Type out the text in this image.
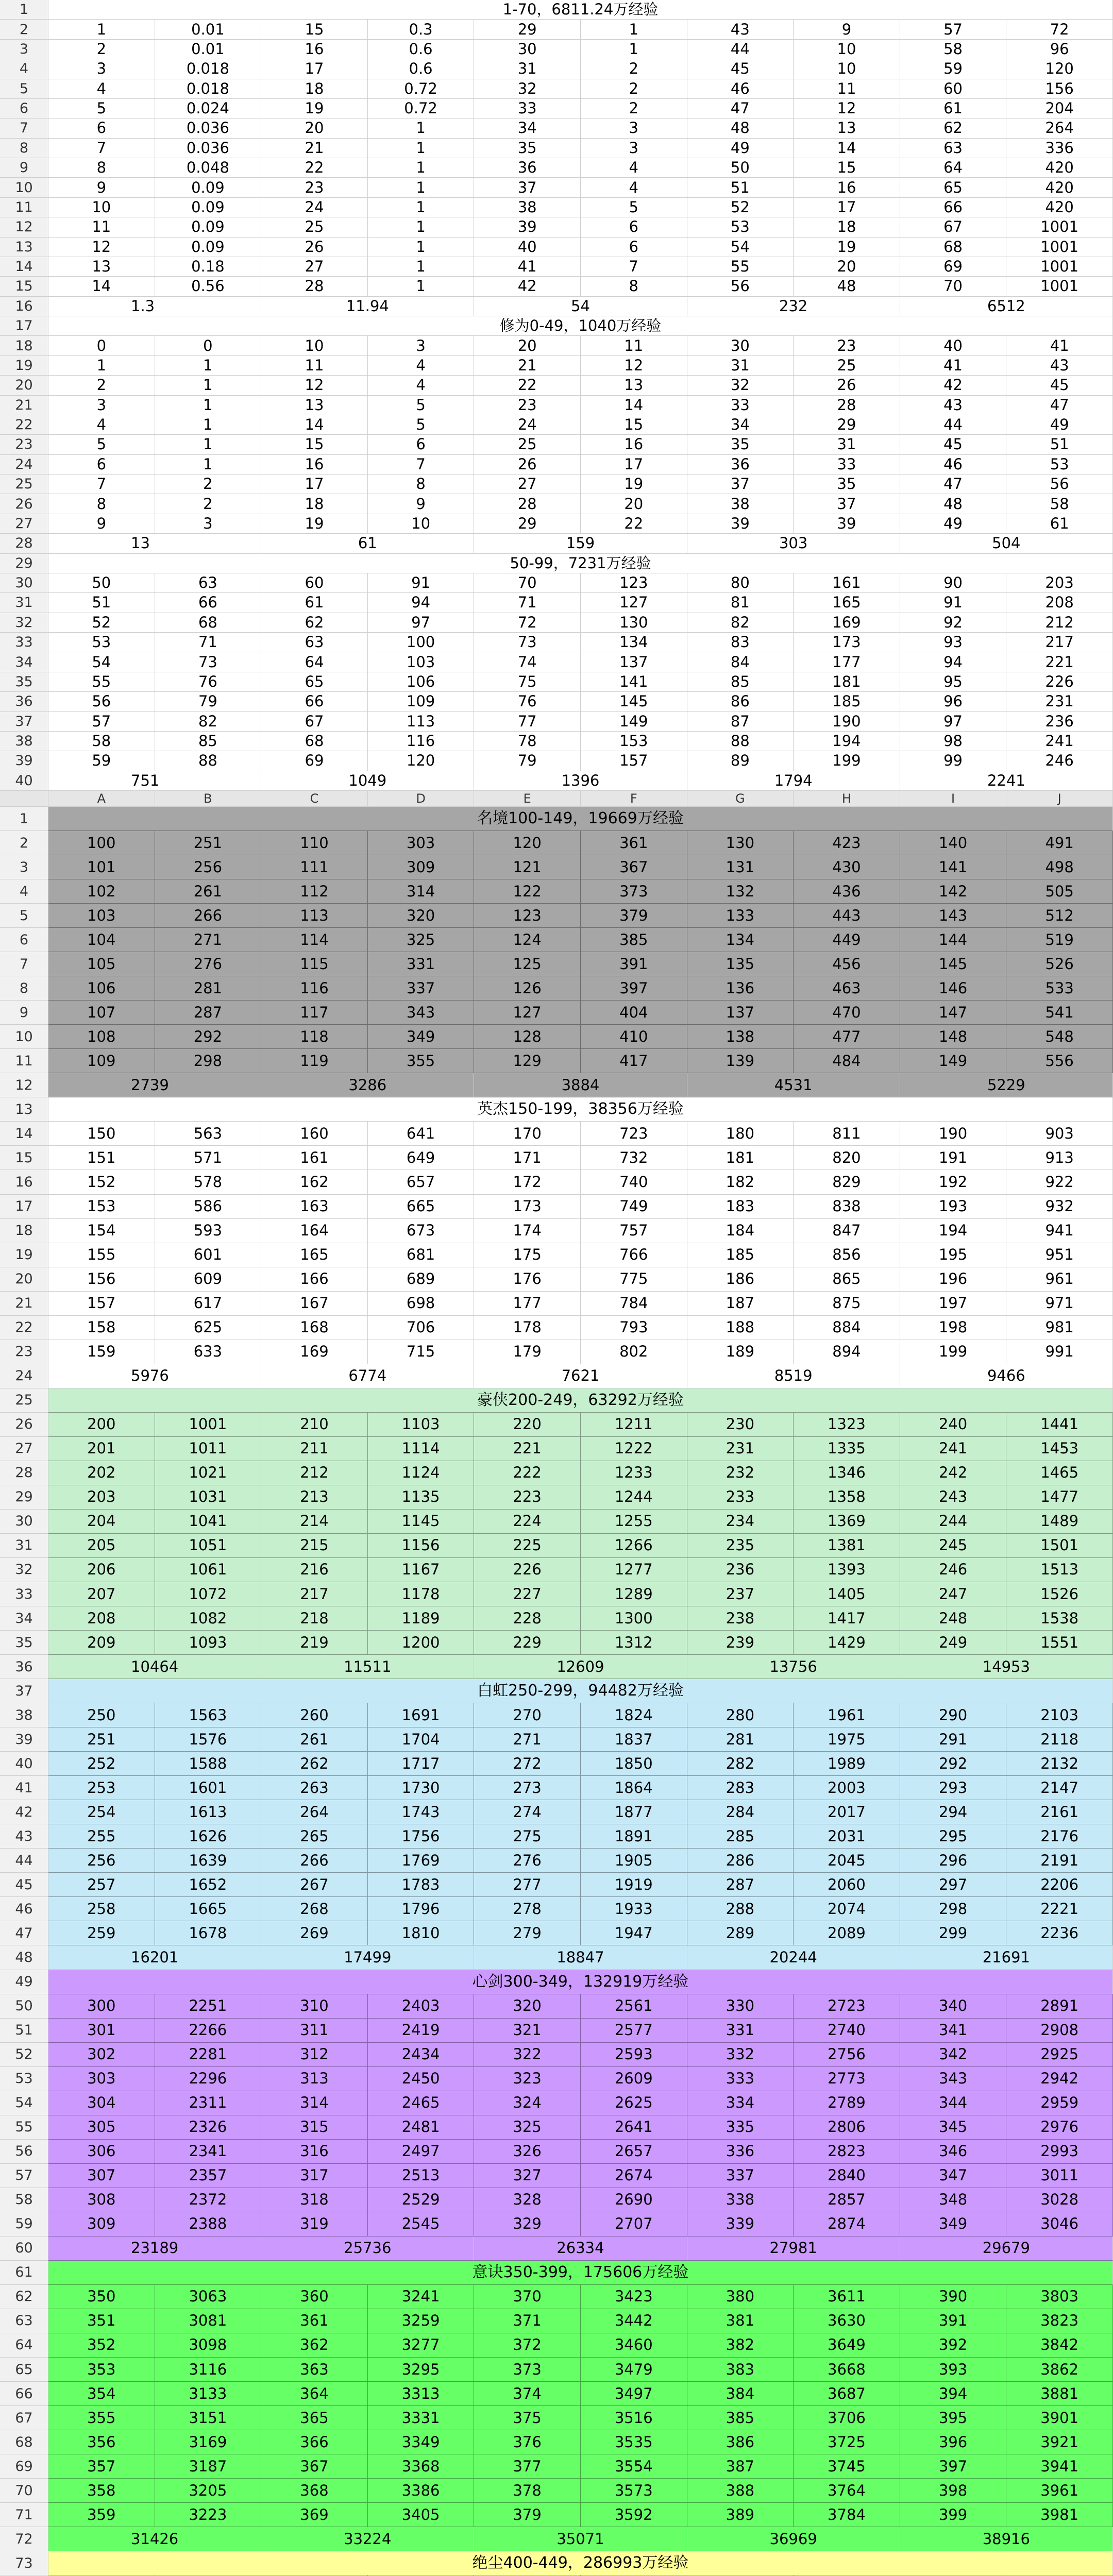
1	1-70，6811.24万经验
2	1	0.01	15	0.3	29	1	43	9	57	72
3	2	0.01	16	0.6	30	1	44	10	58	96
4	3	0.018	17	0.6	31	2	45	10	59	120
5	4	0.018	18	0.72	32	2	46	11	60	156
6	5	0.024	19	0.72	33	2	47	12	61	204
7	6	0.036	20	1	34	3	48	13	62	264
8	7	0.036	21	1	35	3	49	14	63	336
9	8	0.048	22	1	36	4	50	15	64	420
10	9	0.09	23	1	37	4	51	16	65	420
11	10	0.09	24	1	38	5	52	17	66	420
12	11	0.09	25	1	39	6	53	18	67	1001
13	12	0.09	26	1	40	6	54	19	68	1001
14	13	0.18	27	1	41	7	55	20	69	1001
15	14	0.56	28	1	42	8	56	48	70	1001
16	1.3	11.94	54	232	6512
17	修为0-49，1040万经验
18	0	0	10	3	20	11	30	23	40	41
19	1	1	11	4	21	12	31	25	41	43
20	2	1	12	4	22	13	32	26	42	45
21	3	1	13	5	23	14	33	28	43	47
22	4	1	14	5	24	15	34	29	44	49
23	5	1	15	6	25	16	35	31	45	51
24	6	1	16	7	26	17	36	33	46	53
25	7	2	17	8	27	19	37	35	47	56
26	8	2	18	9	28	20	38	37	48	58
27	9	3	19	10	29	22	39	39	49	61
28	13	61	159	303	504
29	50-99，7231万经验
30	50	63	60	91	70	123	80	161	90	203
31	51	66	61	94	71	127	81	165	91	208
32	52	68	62	97	72	130	82	169	92	212
33	53	71	63	100	73	134	83	173	93	217
34	54	73	64	103	74	137	84	177	94	221
35	55	76	65	106	75	141	85	181	95	226
36	56	79	66	109	76	145	86	185	96	231
37	57	82	67	113	77	149	87	190	97	236
38	58	85	68	116	78	153	88	194	98	241
39	59	88	69	120	79	157	89	199	99	246
40	751	1049	1396	1794	2241
A	B	C	D	E	F	G	H	I	J
1	名境100-149，19669万经验
2	100	251	110	303	120	361	130	423	140	491
3	101	256	111	309	121	367	131	430	141	498
4	102	261	112	314	122	373	132	436	142	505
5	103	266	113	320	123	379	133	443	143	512
6	104	271	114	325	124	385	134	449	144	519
7	105	276	115	331	125	391	135	456	145	526
8	106	281	116	337	126	397	136	463	146	533
9	107	287	117	343	127	404	137	470	147	541
10	108	292	118	349	128	410	138	477	148	548
11	109	298	119	355	129	417	139	484	149	556
12	2739	3286	3884	4531	5229
13	英杰150-199，38356万经验
14	150	563	160	641	170	723	180	811	190	903
15	151	571	161	649	171	732	181	820	191	913
16	152	578	162	657	172	740	182	829	192	922
17	153	586	163	665	173	749	183	838	193	932
18	154	593	164	673	174	757	184	847	194	941
19	155	601	165	681	175	766	185	856	195	951
20	156	609	166	689	176	775	186	865	196	961
21	157	617	167	698	177	784	187	875	197	971
22	158	625	168	706	178	793	188	884	198	981
23	159	633	169	715	179	802	189	894	199	991
24	5976	6774	7621	8519	9466
25	豪侠200-249，63292万经验
26	200	1001	210	1103	220	1211	230	1323	240	1441
27	201	1011	211	1114	221	1222	231	1335	241	1453
28	202	1021	212	1124	222	1233	232	1346	242	1465
29	203	1031	213	1135	223	1244	233	1358	243	1477
30	204	1041	214	1145	224	1255	234	1369	244	1489
31	205	1051	215	1156	225	1266	235	1381	245	1501
32	206	1061	216	1167	226	1277	236	1393	246	1513
33	207	1072	217	1178	227	1289	237	1405	247	1526
34	208	1082	218	1189	228	1300	238	1417	248	1538
35	209	1093	219	1200	229	1312	239	1429	249	1551
36	10464	11511	12609	13756	14953
37	白虹250-299，94482万经验
38	250	1563	260	1691	270	1824	280	1961	290	2103
39	251	1576	261	1704	271	1837	281	1975	291	2118
40	252	1588	262	1717	272	1850	282	1989	292	2132
41	253	1601	263	1730	273	1864	283	2003	293	2147
42	254	1613	264	1743	274	1877	284	2017	294	2161
43	255	1626	265	1756	275	1891	285	2031	295	2176
44	256	1639	266	1769	276	1905	286	2045	296	2191
45	257	1652	267	1783	277	1919	287	2060	297	2206
46	258	1665	268	1796	278	1933	288	2074	298	2221
47	259	1678	269	1810	279	1947	289	2089	299	2236
48	16201	17499	18847	20244	21691
49	心剑300-349，132919万经验
50	300	2251	310	2403	320	2561	330	2723	340	2891
51	301	2266	311	2419	321	2577	331	2740	341	2908
52	302	2281	312	2434	322	2593	332	2756	342	2925
53	303	2296	313	2450	323	2609	333	2773	343	2942
54	304	2311	314	2465	324	2625	334	2789	344	2959
55	305	2326	315	2481	325	2641	335	2806	345	2976
56	306	2341	316	2497	326	2657	336	2823	346	2993
57	307	2357	317	2513	327	2674	337	2840	347	3011
58	308	2372	318	2529	328	2690	338	2857	348	3028
59	309	2388	319	2545	329	2707	339	2874	349	3046
60	23189	25736	26334	27981	29679
61	意诀350-399，175606万经验
62	350	3063	360	3241	370	3423	380	3611	390	3803
63	351	3081	361	3259	371	3442	381	3630	391	3823
64	352	3098	362	3277	372	3460	382	3649	392	3842
65	353	3116	363	3295	373	3479	383	3668	393	3862
66	354	3133	364	3313	374	3497	384	3687	394	3881
67	355	3151	365	3331	375	3516	385	3706	395	3901
68	356	3169	366	3349	376	3535	386	3725	396	3921
69	357	3187	367	3368	377	3554	387	3745	397	3941
70	358	3205	368	3386	378	3573	388	3764	398	3961
71	359	3223	369	3405	379	3592	389	3784	399	3981
72	31426	33224	35071	36969	38916
73	绝尘400-449，286993万经验
